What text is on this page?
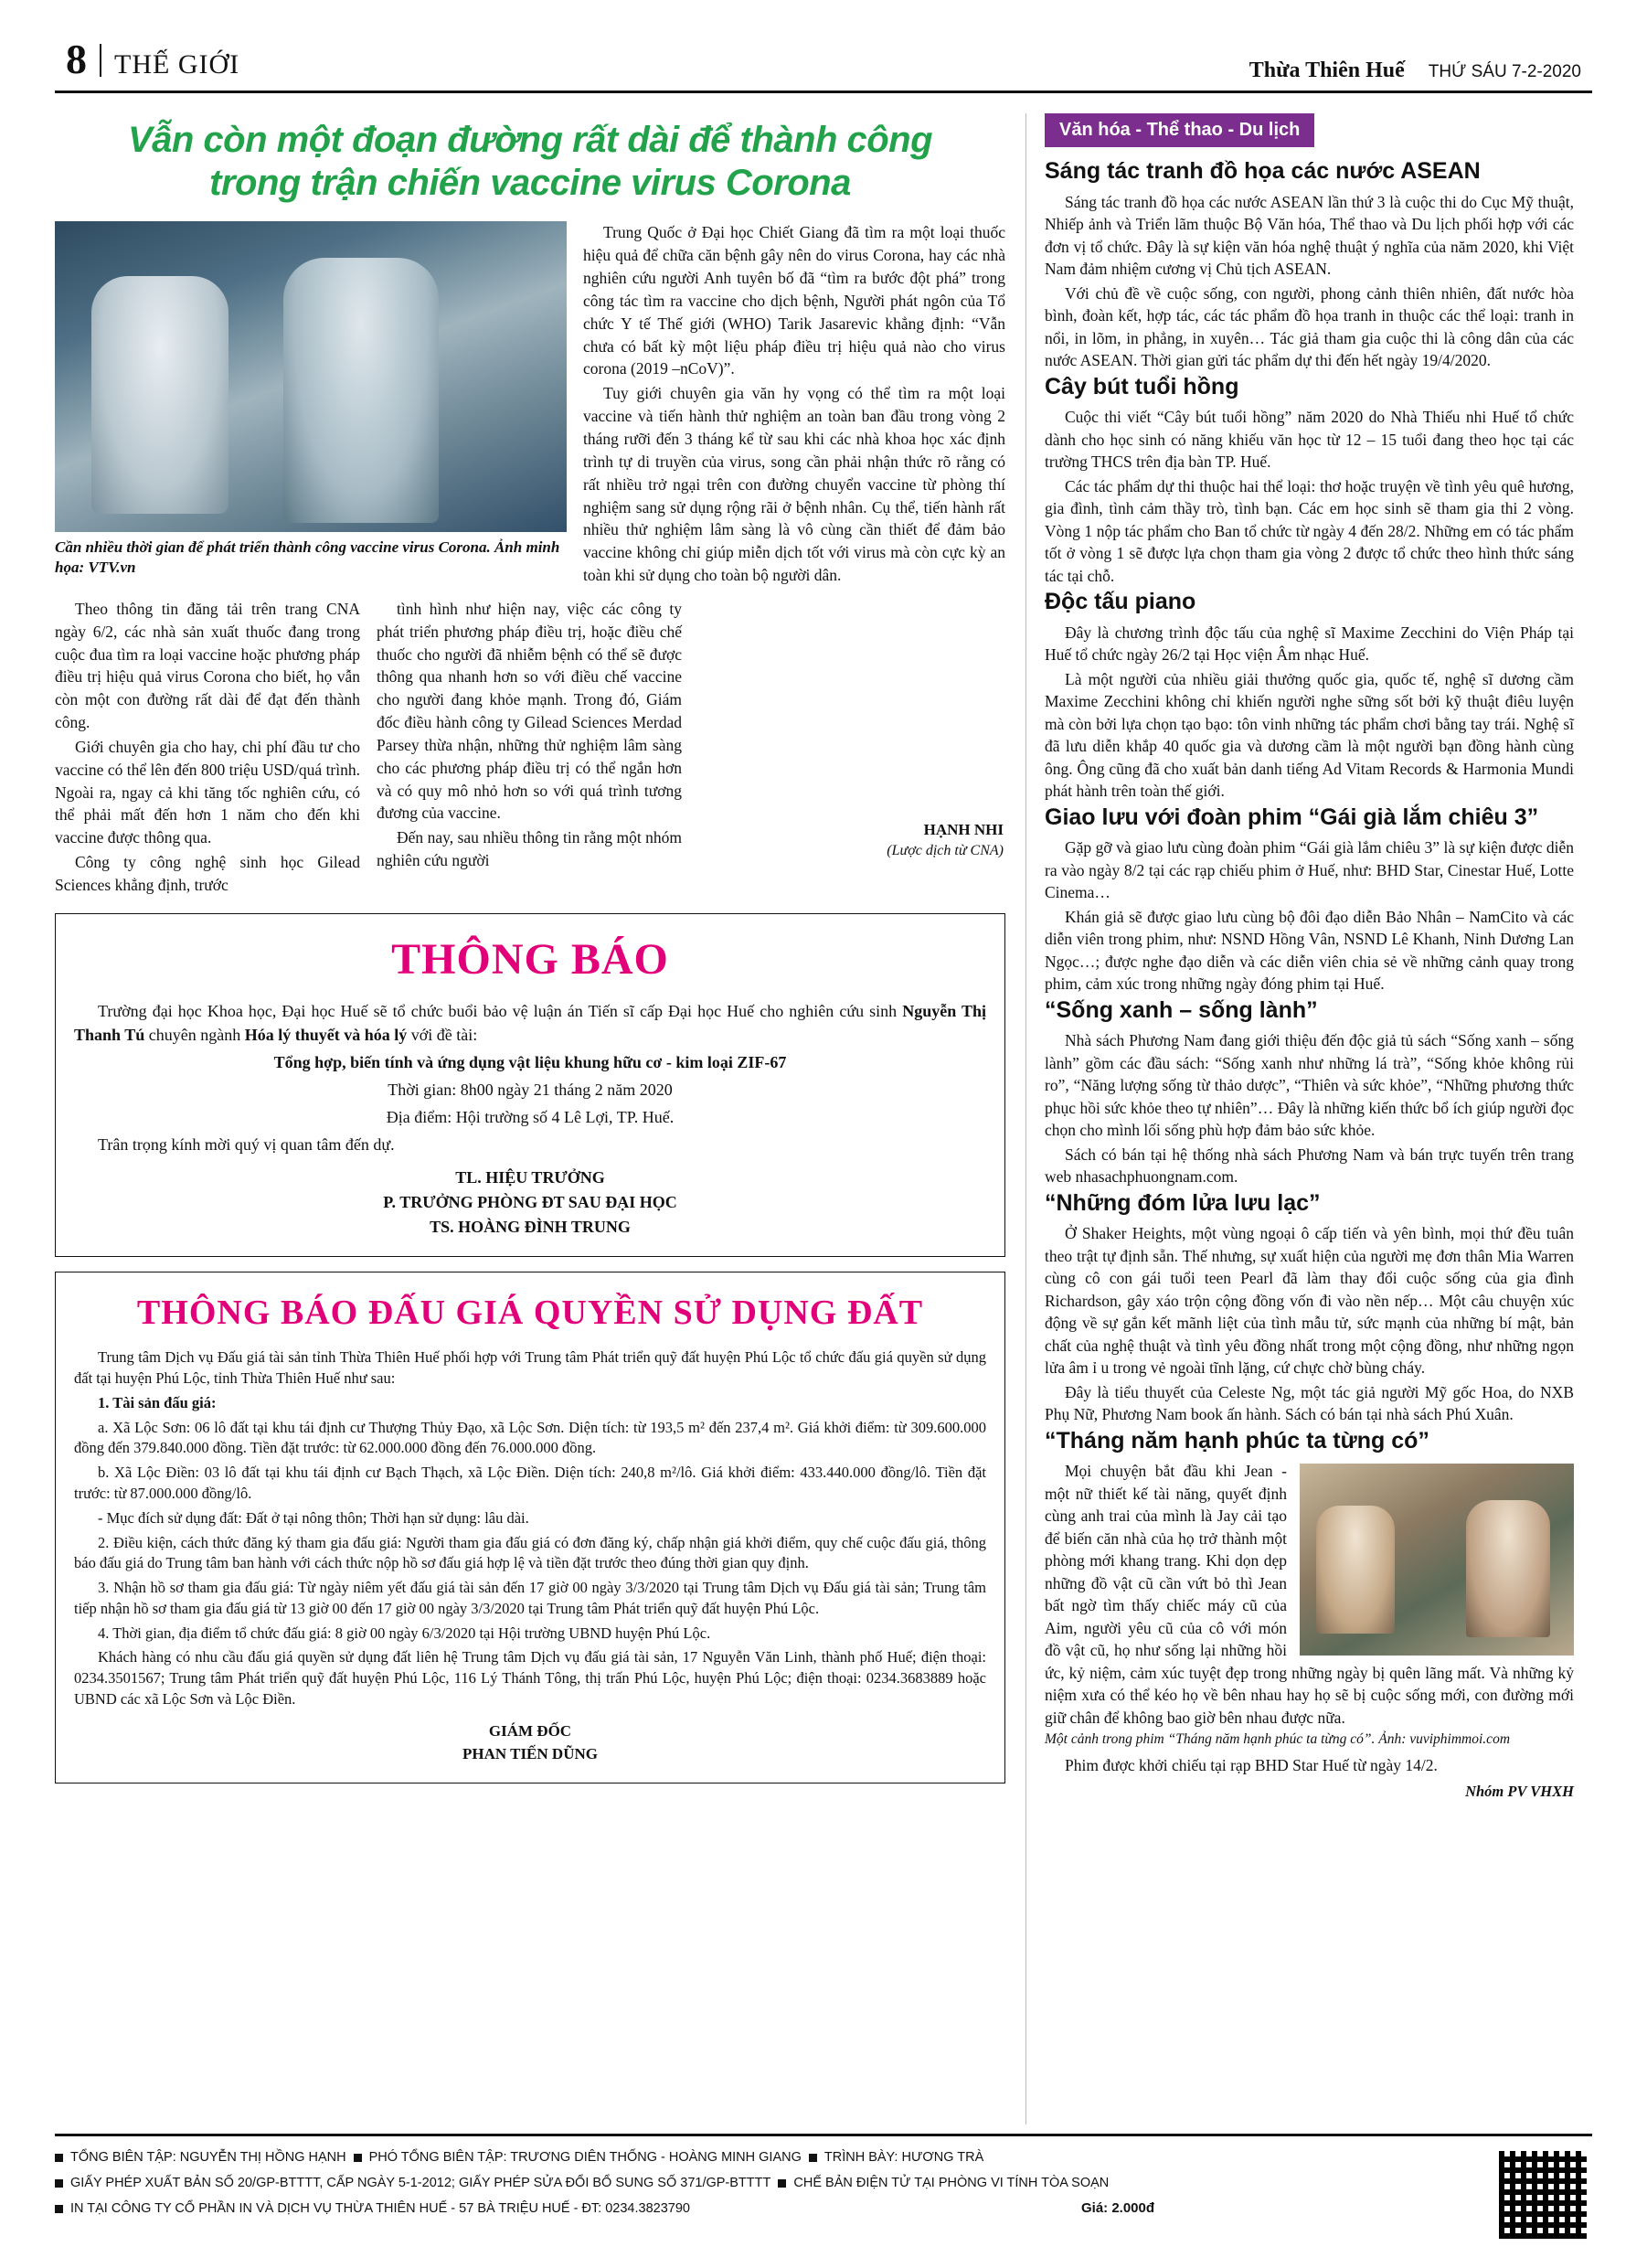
8 THẾ GIỚI	Thừa Thiên Huế THỨ SÁU 7-2-2020
Vẫn còn một đoạn đường rất dài để thành công trong trận chiến vaccine virus Corona
Cần nhiều thời gian để phát triển thành công vaccine virus Corona. Ảnh minh họa: VTV.vn

Trung Quốc ở Đại học Chiết Giang đã tìm ra một loại thuốc hiệu quả để chữa căn bệnh gây nên do virus Corona, hay các nhà nghiên cứu người Anh tuyên bố đã “tìm ra bước đột phá” trong công tác tìm ra vaccine cho dịch bệnh, Người phát ngôn của Tổ chức Y tế Thế giới (WHO) Tarik Jasarevic khẳng định: “Vẫn chưa có bất kỳ một liệu pháp điều trị hiệu quả nào cho virus corona (2019 –nCoV)”.

Tuy giới chuyên gia văn hy vọng có thể tìm ra một loại vaccine và tiến hành thử nghiệm an toàn ban đầu trong vòng 2 tháng rưỡi đến 3 tháng kể từ sau khi các nhà khoa học xác định trình tự di truyền của virus, song cần phải nhận thức rõ rằng có rất nhiều trở ngại trên con đường chuyển vaccine từ phòng thí nghiệm sang sử dụng rộng rãi ở bệnh nhân. Cụ thể, tiến hành rất nhiều thử nghiệm lâm sàng là vô cùng cần thiết để đảm bảo vaccine không chỉ giúp miễn dịch tốt với virus mà còn cực kỳ an toàn khi sử dụng cho toàn bộ người dân.

Theo thông tin đăng tải trên trang CNA ngày 6/2, các nhà sản xuất thuốc đang trong cuộc đua tìm ra loại vaccine hoặc phương pháp điều trị hiệu quả virus Corona cho biết, họ vẫn còn một con đường rất dài để đạt đến thành công.

Giới chuyên gia cho hay, chi phí đầu tư cho vaccine có thể lên đến 800 triệu USD/quá trình. Ngoài ra, ngay cả khi tăng tốc nghiên cứu, có thể phải mất đến hơn 1 năm cho đến khi vaccine được thông qua.

Công ty công nghệ sinh học Gilead Sciences khẳng định, trước

tình hình như hiện nay, việc các công ty phát triển phương pháp điều trị, hoặc điều chế thuốc cho người đã nhiễm bệnh có thể sẽ được thông qua nhanh hơn so với điều chế vaccine cho người đang khỏe mạnh. Trong đó, Giám đốc điều hành công ty Gilead Sciences Merdad Parsey thừa nhận, những thử nghiệm lâm sàng cho các phương pháp điều trị có thể ngắn hơn và có quy mô nhỏ hơn so với quá trình tương đương của vaccine.

Đến nay, sau nhiều thông tin rằng một nhóm nghiên cứu người

HẠNH NHI
(Lược dịch từ CNA)
THÔNG BÁO

Trường đại học Khoa học, Đại học Huế sẽ tổ chức buổi bảo vệ luận án Tiến sĩ cấp Đại học Huế cho nghiên cứu sinh Nguyễn Thị Thanh Tú chuyên ngành Hóa lý thuyết và hóa lý với đề tài:

Tổng hợp, biến tính và ứng dụng vật liệu khung hữu cơ - kim loại ZIF-67

Thời gian: 8h00 ngày 21 tháng 2 năm 2020

Địa điểm: Hội trường số 4 Lê Lợi, TP. Huế.

Trân trọng kính mời quý vị quan tâm đến dự.

TL. HIỆU TRƯỞNG
P. TRƯỞNG PHÒNG ĐT SAU ĐẠI HỌC
TS. HOÀNG ĐÌNH TRUNG
THÔNG BÁO ĐẤU GIÁ QUYỀN SỬ DỤNG ĐẤT

Trung tâm Dịch vụ Đấu giá tài sản tỉnh Thừa Thiên Huế phối hợp với Trung tâm Phát triển quỹ đất huyện Phú Lộc tổ chức đấu giá quyền sử dụng đất tại huyện Phú Lộc, tỉnh Thừa Thiên Huế như sau:

1. Tài sản đấu giá:

a. Xã Lộc Sơn: 06 lô đất tại khu tái định cư Thượng Thủy Đạo, xã Lộc Sơn. Diện tích: từ 193,5 m² đến 237,4 m². Giá khởi điểm: từ 309.600.000 đồng đến 379.840.000 đồng. Tiền đặt trước: từ 62.000.000 đồng đến 76.000.000 đồng.

b. Xã Lộc Điền: 03 lô đất tại khu tái định cư Bạch Thạch, xã Lộc Điền. Diện tích: 240,8 m²/lô. Giá khởi điểm: 433.440.000 đồng/lô. Tiền đặt trước: từ 87.000.000 đồng/lô.

- Mục đích sử dụng đất: Đất ở tại nông thôn; Thời hạn sử dụng: lâu dài.

2. Điều kiện, cách thức đăng ký tham gia đấu giá: Người tham gia đấu giá có đơn đăng ký, chấp nhận giá khởi điểm, quy chế cuộc đấu giá, thông báo đấu giá do Trung tâm ban hành với cách thức nộp hồ sơ đấu giá hợp lệ và tiền đặt trước theo đúng thời gian quy định.

3. Nhận hồ sơ tham gia đấu giá: Từ ngày niêm yết đấu giá tài sản đến 17 giờ 00 ngày 3/3/2020 tại Trung tâm Dịch vụ Đấu giá tài sản; Trung tâm tiếp nhận hồ sơ tham gia đấu giá từ 13 giờ 00 đến 17 giờ 00 ngày 3/3/2020 tại Trung tâm Phát triển quỹ đất huyện Phú Lộc.

4. Thời gian, địa điểm tổ chức đấu giá: 8 giờ 00 ngày 6/3/2020 tại Hội trường UBND huyện Phú Lộc.

Khách hàng có nhu cầu đấu giá quyền sử dụng đất liên hệ Trung tâm Dịch vụ đấu giá tài sản, 17 Nguyễn Văn Linh, thành phố Huế; điện thoại: 0234.3501567; Trung tâm Phát triển quỹ đất huyện Phú Lộc, 116 Lý Thánh Tông, thị trấn Phú Lộc, huyện Phú Lộc; điện thoại: 0234.3683889 hoặc UBND các xã Lộc Sơn và Lộc Điền.

GIÁM ĐỐC
PHAN TIẾN DŨNG
Văn hóa - Thể thao - Du lịch
Sáng tác tranh đồ họa các nước ASEAN

Sáng tác tranh đồ họa các nước ASEAN lần thứ 3 là cuộc thi do Cục Mỹ thuật, Nhiếp ảnh và Triển lãm thuộc Bộ Văn hóa, Thể thao và Du lịch phối hợp với các đơn vị tổ chức. Đây là sự kiện văn hóa nghệ thuật ý nghĩa của năm 2020, khi Việt Nam đảm nhiệm cương vị Chủ tịch ASEAN.

Với chủ đề về cuộc sống, con người, phong cảnh thiên nhiên, đất nước hòa bình, đoàn kết, hợp tác, các tác phẩm đồ họa tranh in thuộc các thể loại: tranh in nổi, in lõm, in phẳng, in xuyên… Tác giả tham gia cuộc thi là công dân của các nước ASEAN. Thời gian gửi tác phẩm dự thi đến hết ngày 19/4/2020.

Cây bút tuổi hồng

Cuộc thi viết “Cây bút tuổi hồng” năm 2020 do Nhà Thiếu nhi Huế tổ chức dành cho học sinh có năng khiếu văn học từ 12 – 15 tuổi đang theo học tại các trường THCS trên địa bàn TP. Huế.

Các tác phẩm dự thi thuộc hai thể loại: thơ hoặc truyện về tình yêu quê hương, gia đình, tình cảm thầy trò, tình bạn. Các em học sinh sẽ tham gia thi 2 vòng. Vòng 1 nộp tác phẩm cho Ban tổ chức từ ngày 4 đến 28/2. Những em có tác phẩm tốt ở vòng 1 sẽ được lựa chọn tham gia vòng 2 được tổ chức theo hình thức sáng tác tại chỗ.

Độc tấu piano

Đây là chương trình độc tấu của nghệ sĩ Maxime Zecchini do Viện Pháp tại Huế tổ chức ngày 26/2 tại Học viện Âm nhạc Huế.

Là một người của nhiều giải thưởng quốc gia, quốc tế, nghệ sĩ dương cầm Maxime Zecchini không chỉ khiến người nghe sững sốt bởi kỹ thuật điêu luyện mà còn bởi lựa chọn tạo bạo: tôn vinh những tác phẩm chơi bằng tay trái. Nghệ sĩ đã lưu diễn khắp 40 quốc gia và dương cầm là một người bạn đồng hành cùng ông. Ông cũng đã cho xuất bản danh tiếng Ad Vitam Records & Harmonia Mundi phát hành trên toàn thế giới.

Giao lưu với đoàn phim “Gái già lắm chiêu 3”

Gặp gỡ và giao lưu cùng đoàn phim “Gái già lắm chiêu 3” là sự kiện được diễn ra vào ngày 8/2 tại các rạp chiếu phim ở Huế, như: BHD Star, Cinestar Huế, Lotte Cinema…

Khán giả sẽ được giao lưu cùng bộ đôi đạo diễn Bảo Nhân – NamCito và các diễn viên trong phim, như: NSND Hồng Vân, NSND Lê Khanh, Ninh Dương Lan Ngọc…; được nghe đạo diễn và các diễn viên chia sẻ về những cảnh quay trong phim, cảm xúc trong những ngày đóng phim tại Huế.

“Sống xanh – sống lành”

Nhà sách Phương Nam đang giới thiệu đến độc giả tủ sách “Sống xanh – sống lành” gồm các đầu sách: “Sống xanh như những lá trà”, “Sống khỏe không rủi ro”, “Năng lượng sống từ thảo dược”, “Thiên và sức khỏe”, “Những phương thức phục hồi sức khỏe theo tự nhiên”… Đây là những kiến thức bổ ích giúp người đọc chọn cho mình lối sống phù hợp đảm bảo sức khỏe.

Sách có bán tại hệ thống nhà sách Phương Nam và bán trực tuyến trên trang web nhasachphuongnam.com.

“Những đóm lửa lưu lạc”

Ở Shaker Heights, một vùng ngoại ô cấp tiến và yên bình, mọi thứ đều tuân theo trật tự định sẵn. Thế nhưng, sự xuất hiện của người mẹ đơn thân Mia Warren cùng cô con gái tuổi teen Pearl đã làm thay đổi cuộc sống của gia đình Richardson, gây xáo trộn cộng đồng vốn đi vào nền nếp… Một câu chuyện xúc động về sự gắn kết mãnh liệt của tình mẫu tử, sức mạnh của những bí mật, bản chất của nghệ thuật và tình yêu đồng nhất trong một cộng đồng, như những ngọn lửa âm ỉ u trong vẻ ngoài tĩnh lặng, cứ chực chờ bùng cháy.

Đây là tiểu thuyết của Celeste Ng, một tác giả người Mỹ gốc Hoa, do NXB Phụ Nữ, Phương Nam book ấn hành. Sách có bán tại nhà sách Phú Xuân.

“Tháng năm hạnh phúc ta từng có”

Mọi chuyện bắt đầu khi Jean - một nữ thiết kế tài năng, quyết định cùng anh trai của mình là Jay cải tạo để biến căn nhà của họ trở thành một phòng mới khang trang. Khi dọn dẹp những đồ vật cũ cần vứt bỏ thì Jean bất ngờ tìm thấy chiếc máy cũ của Aim, người yêu cũ của cô với món đồ vật cũ, họ như sống lại những hồi ức, kỷ niệm, cảm xúc tuyệt đẹp trong những ngày bị quên lãng mất. Và những kỷ niệm xưa có thể kéo họ về bên nhau hay họ sẽ bị cuộc sống mới, con đường mới giữ chân để không bao giờ bên nhau được nữa.

Một cảnh trong phim “Tháng năm hạnh phúc ta từng có”. Ảnh: vuviphimmoi.com

Phim được khởi chiếu tại rạp BHD Star Huế từ ngày 14/2.

Nhóm PV VHXH
TỔNG BIÊN TẬP: NGUYỄN THỊ HỒNG HẠNH PHÓ TỔNG BIÊN TẬP: TRƯƠNG DIÊN THỐNG - HOÀNG MINH GIANG TRÌNH BÀY: HƯƠNG TRÀ
GIẤY PHÉP XUẤT BẢN SỐ 20/GP-BTTTT, CẤP NGÀY 5-1-2012; GIẤY PHÉP SỬA ĐỔI BỔ SUNG SỐ 371/GP-BTTTT CHẾ BẢN ĐIỆN TỬ TẠI PHÒNG VI TÍNH TÒA SOẠN
IN TẠI CÔNG TY CỔ PHẦN IN VÀ DỊCH VỤ THỪA THIÊN HUẾ - 57 BÀ TRIỆU HUẾ - ĐT: 0234.3823790	Giá: 2.000đ
